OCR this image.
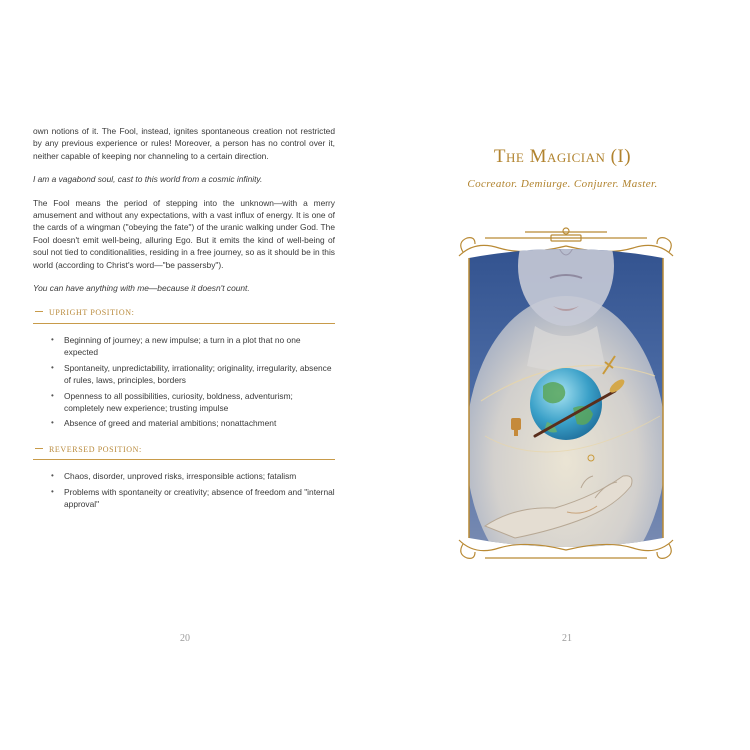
own notions of it. The Fool, instead, ignites spontaneous creation not restricted by any previous experience or rules! Moreover, a person has no control over it, neither capable of keeping nor channeling to a certain direction.

I am a vagabond soul, cast to this world from a cosmic infinity.

The Fool means the period of stepping into the unknown—with a merry amusement and without any expectations, with a vast influx of energy. It is one of the cards of a wingman ("obeying the fate") of the uranic walking under God. The Fool doesn't emit well-being, alluring Ego. But it emits the kind of well-being of soul not tied to conditionalities, residing in a free journey, so as it should be in this world (according to Christ's word—"be passersby").

You can have anything with me—because it doesn't count.

UPRIGHT POSITION:
• Beginning of journey; a new impulse; a turn in a plot that no one expected
• Spontaneity, unpredictability, irrationality; originality, irregularity, absence of rules, laws, principles, borders
• Openness to all possibilities, curiosity, boldness, adventurism; completely new experience; trusting impulse
• Absence of greed and material ambitions; nonattachment
REVERSED POSITION:
• Chaos, disorder, unproved risks, irresponsible actions; fatalism
• Problems with spontaneity or creativity; absence of freedom and "internal approval"
20
The Magician (I)
Cocreator. Demiurge. Conjurer. Master.
21
